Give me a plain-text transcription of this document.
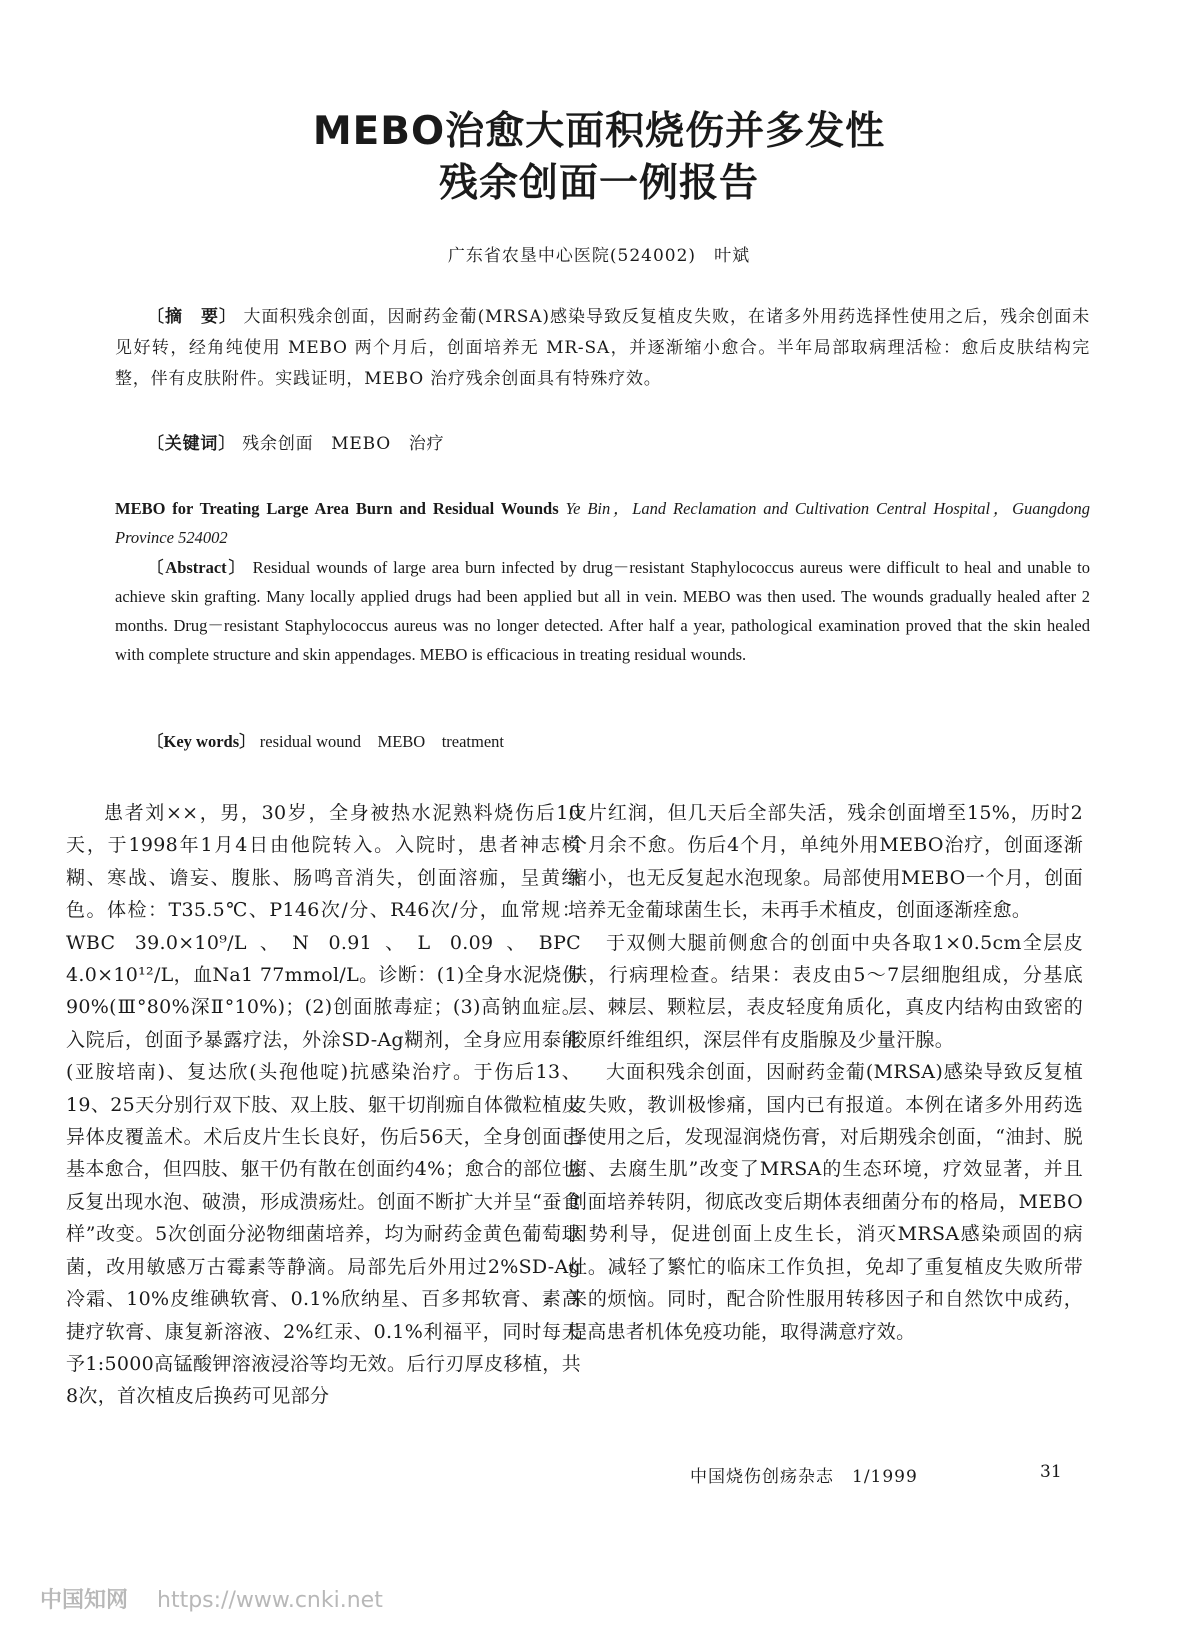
MEBO治愈大面积烧伤并多发性
残余创面一例报告
广东省农垦中心医院(524002)　叶斌
〔摘　要〕 大面积残余创面，因耐药金葡(MRSA)感染导致反复植皮失败，在诸多外用药选择性使用之后，残余创面未见好转，经角纯使用 MEBO 两个月后，创面培养无 MR-SA，并逐渐缩小愈合。半年局部取病理活检：愈后皮肤结构完整，伴有皮肤附件。实践证明，MEBO 治疗残余创面具有特殊疗效。
〔关键词〕 残余创面　MEBO　治疗
MEBO for Treating Large Area Burn and Residual Wounds Ye Bin，Land Reclamation and Cultivation Central Hospital，Guangdong Province 524002
〔Abstract〕 Residual wounds of large area burn infected by drug－resistant Staphylococcus aureus were difficult to heal and unable to achieve skin grafting. Many locally applied drugs had been applied but all in vein. MEBO was then used. The wounds gradually healed after 2 months. Drug－resistant Staphylococcus aureus was no longer detected. After half a year, pathological examination proved that the skin healed with complete structure and skin appendages. MEBO is efficacious in treating residual wounds.
〔Key words〕 residual wound　MEBO　treatment

患者刘××，男，30岁，全身被热水泥熟料烧伤后10天，于1998年1月4日由他院转入。入院时，患者神志模糊、寒战、谵妄、腹胀、肠鸣音消失，创面溶痂，呈黄绿色。体检：T35.5℃、P146次/分、R46次/分，血常规：WBC 39.0×10⁹/L、N 0.91、L 0.09、BPC 4.0×10¹²/L，血Na1 77mmol/L。诊断：(1)全身水泥烧伤90%(Ⅲ°80%深Ⅱ°10%)；(2)创面脓毒症；(3)高钠血症。入院后，创面予暴露疗法，外涂SD-Ag糊剂，全身应用泰能(亚胺培南)、复达欣(头孢他啶)抗感染治疗。于伤后13、19、25天分别行双下肢、双上肢、躯干切削痂自体微粒植皮异体皮覆盖术。术后皮片生长良好，伤后56天，全身创面已基本愈合，但四肢、躯干仍有散在创面约4%；愈合的部位也反复出现水泡、破溃，形成溃疡灶。创面不断扩大并呈“蚕食样”改变。5次创面分泌物细菌培养，均为耐药金黄色葡萄球菌，改用敏感万古霉素等静滴。局部先后外用过2%SD-Ag冷霜、10%皮维碘软膏、0.1%欣纳星、百多邦软膏、素高捷疗软膏、康复新溶液、2%红汞、0.1%利福平，同时每天予1:5000高锰酸钾溶液浸浴等均无效。后行刃厚皮移植，共8次，首次植皮后换药可见部分

皮片红润，但几天后全部失活，残余创面增至15%，历时2个月余不愈。伤后4个月，单纯外用MEBO治疗，创面逐渐缩小，也无反复起水泡现象。局部使用MEBO一个月，创面培养无金葡球菌生长，未再手术植皮，创面逐渐痊愈。

于双侧大腿前侧愈合的创面中央各取1×0.5cm全层皮肤，行病理检查。结果：表皮由5～7层细胞组成，分基底层、棘层、颗粒层，表皮轻度角质化，真皮内结构由致密的胶原纤维组织，深层伴有皮脂腺及少量汗腺。

大面积残余创面，因耐药金葡(MRSA)感染导致反复植皮失败，教训极惨痛，国内已有报道。本例在诸多外用药选择使用之后，发现湿润烧伤膏，对后期残余创面，“油封、脱腐、去腐生肌”改变了MRSA的生态环境，疗效显著，并且创面培养转阴，彻底改变后期体表细菌分布的格局，MEBO因势利导，促进创面上皮生长，消灭MRSA感染顽固的病灶。减轻了繁忙的临床工作负担，免却了重复植皮失败所带来的烦恼。同时，配合阶性服用转移因子和自然饮中成药，提高患者机体免疫功能，取得满意疗效。

中国烧伤创疡杂志　1/1999	31
中国知网 https://www.cnki.net
